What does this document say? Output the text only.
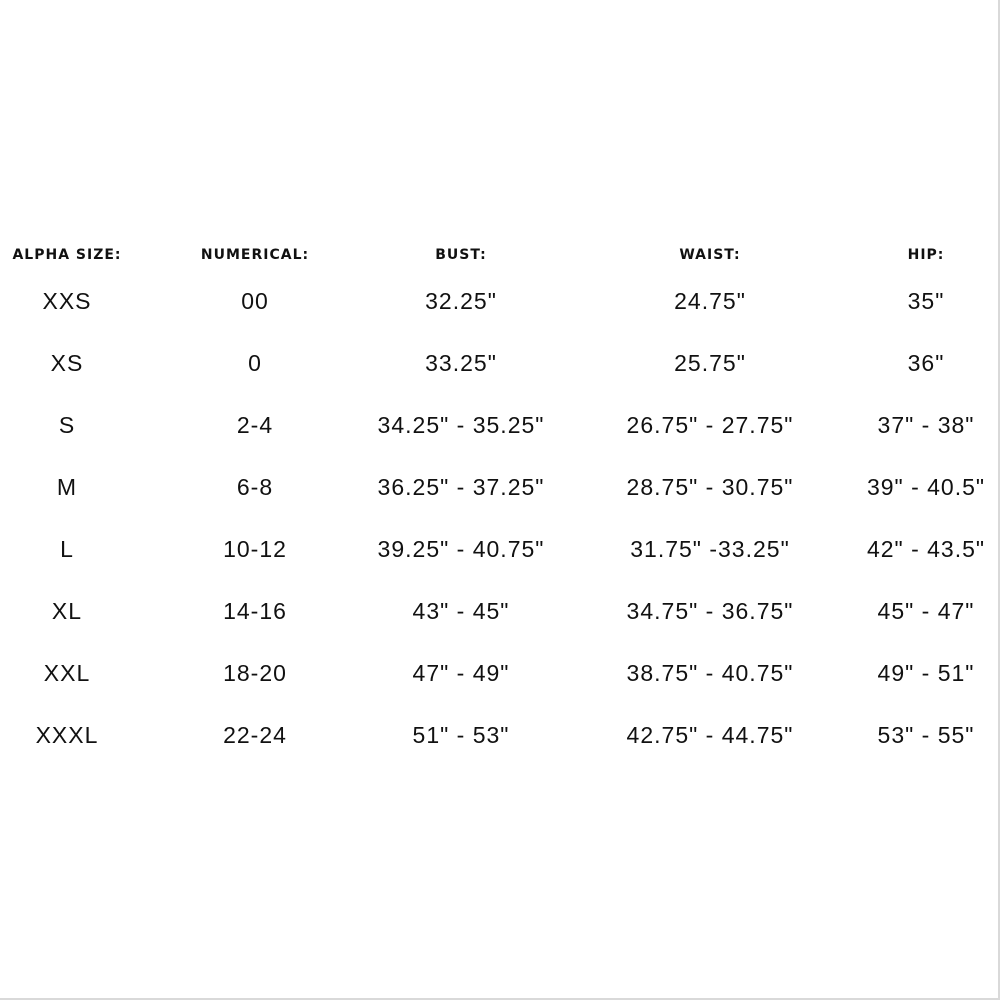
ALPHA SIZE:	NUMERICAL:	BUST:	WAIST:	HIP:
XXS	00	32.25"	24.75"	35"
XS	0	33.25"	25.75"	36"
S	2-4	34.25" - 35.25"	26.75" - 27.75"	37" - 38"
M	6-8	36.25" - 37.25"	28.75" - 30.75"	39" - 40.5"
L	10-12	39.25" - 40.75"	31.75" -33.25"	42" - 43.5"
XL	14-16	43" - 45"	34.75" - 36.75"	45" - 47"
XXL	18-20	47" - 49"	38.75" - 40.75"	49" - 51"
XXXL	22-24	51" - 53"	42.75" - 44.75"	53" - 55"
